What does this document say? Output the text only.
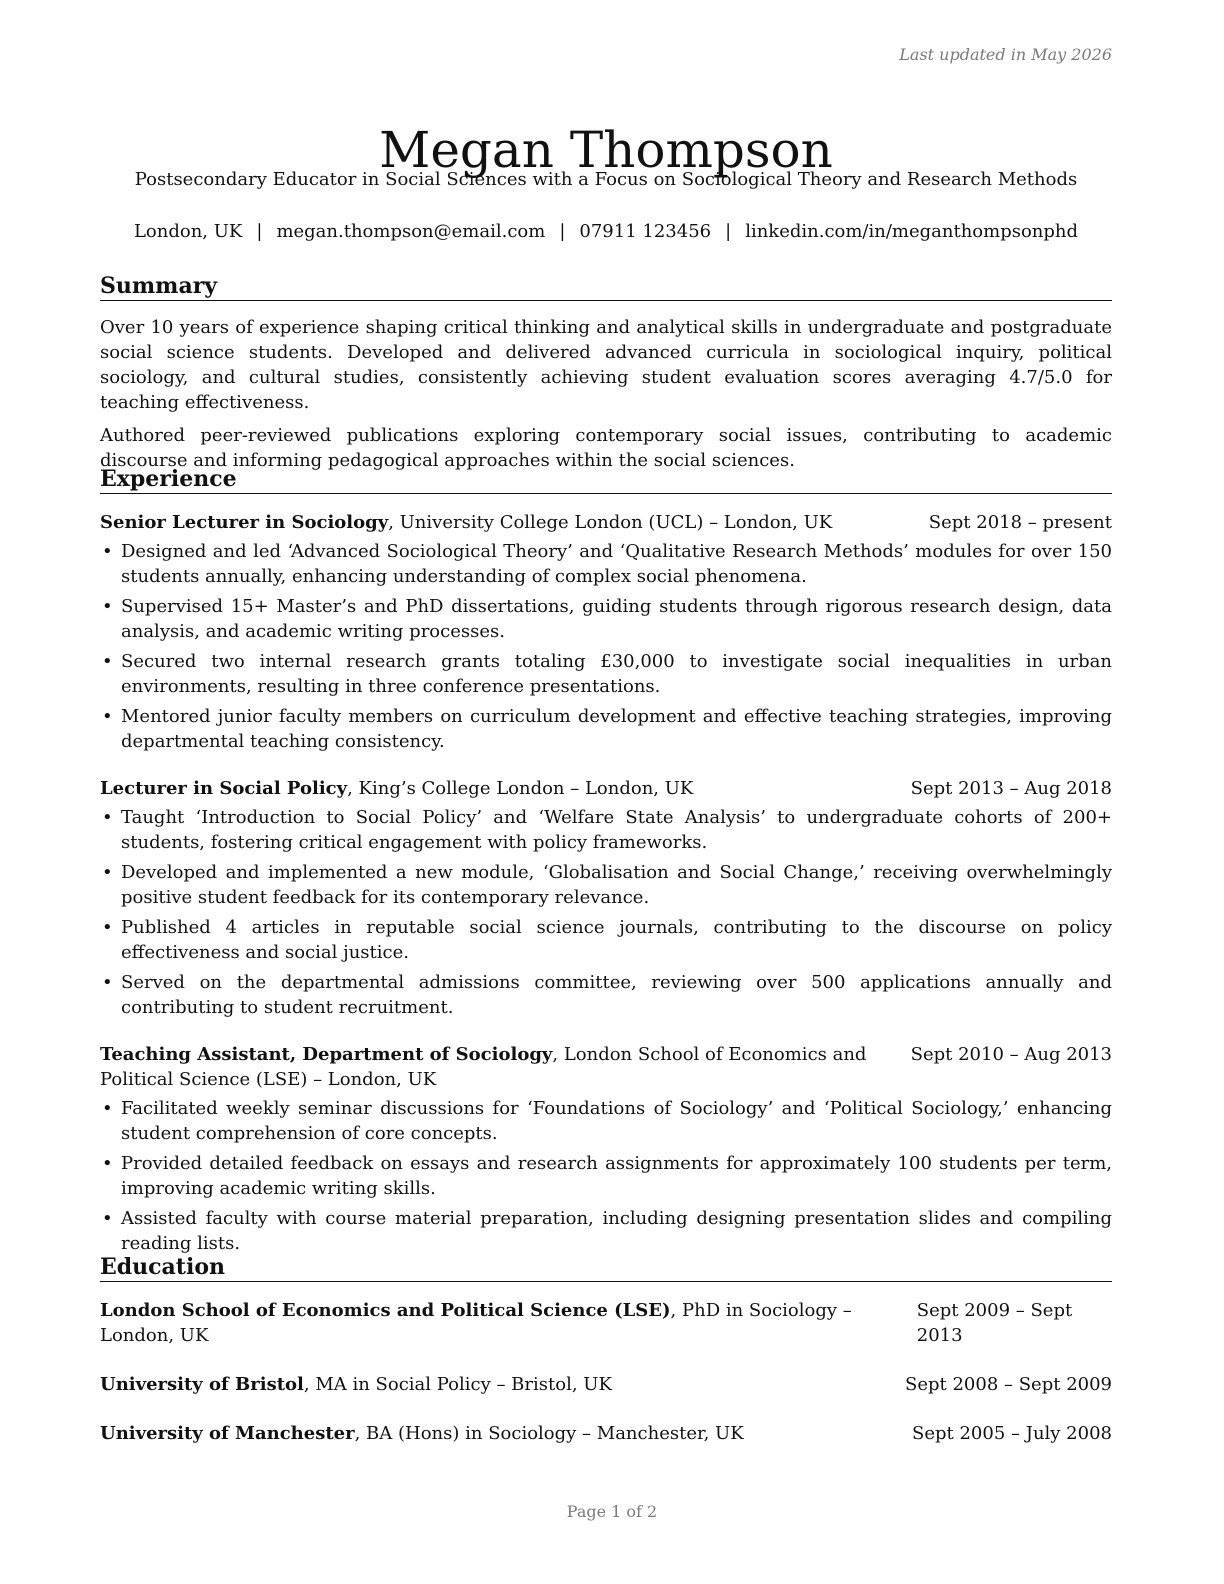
Last updated in May 2026
Megan Thompson
Postsecondary Educator in Social Sciences with a Focus on Sociological Theory and Research Methods
London, UK | megan.thompson@email.com | 07911 123456 | linkedin.com/in/meganthompsonphd
Summary

Over 10 years of experience shaping critical thinking and analytical skills in undergraduate and postgraduate social science students. Developed and delivered advanced curricula in sociological inquiry, political sociology, and cultural studies, consistently achieving student evaluation scores averaging 4.7/5.0 for teaching effectiveness.

Authored peer-reviewed publications exploring contemporary social issues, contributing to academic discourse and informing pedagogical approaches within the social sciences.

Experience
Senior Lecturer in Sociology, University College London (UCL) – London, UK	Sept 2018 – present
• Designed and led ‘Advanced Sociological Theory’ and ‘Qualitative Research Methods’ modules for over 150 students annually, enhancing understanding of complex social phenomena.
• Supervised 15+ Master’s and PhD dissertations, guiding students through rigorous research design, data analysis, and academic writing processes.
• Secured two internal research grants totaling £30,000 to investigate social inequalities in urban environments, resulting in three conference presentations.
• Mentored junior faculty members on curriculum development and effective teaching strategies, improving departmental teaching consistency.
Lecturer in Social Policy, King’s College London – London, UK	Sept 2013 – Aug 2018
• Taught ‘Introduction to Social Policy’ and ‘Welfare State Analysis’ to undergraduate cohorts of 200+ students, fostering critical engagement with policy frameworks.
• Developed and implemented a new module, ‘Globalisation and Social Change,’ receiving overwhelmingly positive student feedback for its contemporary relevance.
• Published 4 articles in reputable social science journals, contributing to the discourse on policy effectiveness and social justice.
• Served on the departmental admissions committee, reviewing over 500 applications annually and contributing to student recruitment.
Teaching Assistant, Department of Sociology, London School of Economics and Political Science (LSE) – London, UK
Sept 2010 – Aug 2013
• Facilitated weekly seminar discussions for ‘Foundations of Sociology’ and ‘Political Sociology,’ enhancing student comprehension of core concepts.
• Provided detailed feedback on essays and research assignments for approximately 100 students per term, improving academic writing skills.
• Assisted faculty with course material preparation, including designing presentation slides and compiling reading lists.
Education
London School of Economics and Political Science (LSE), PhD in Sociology – London, UK
Sept 2009 – Sept 2013
University of Bristol, MA in Social Policy – Bristol, UK	Sept 2008 – Sept 2009
University of Manchester, BA (Hons) in Sociology – Manchester, UK	Sept 2005 – July 2008
Page 1 of 2
